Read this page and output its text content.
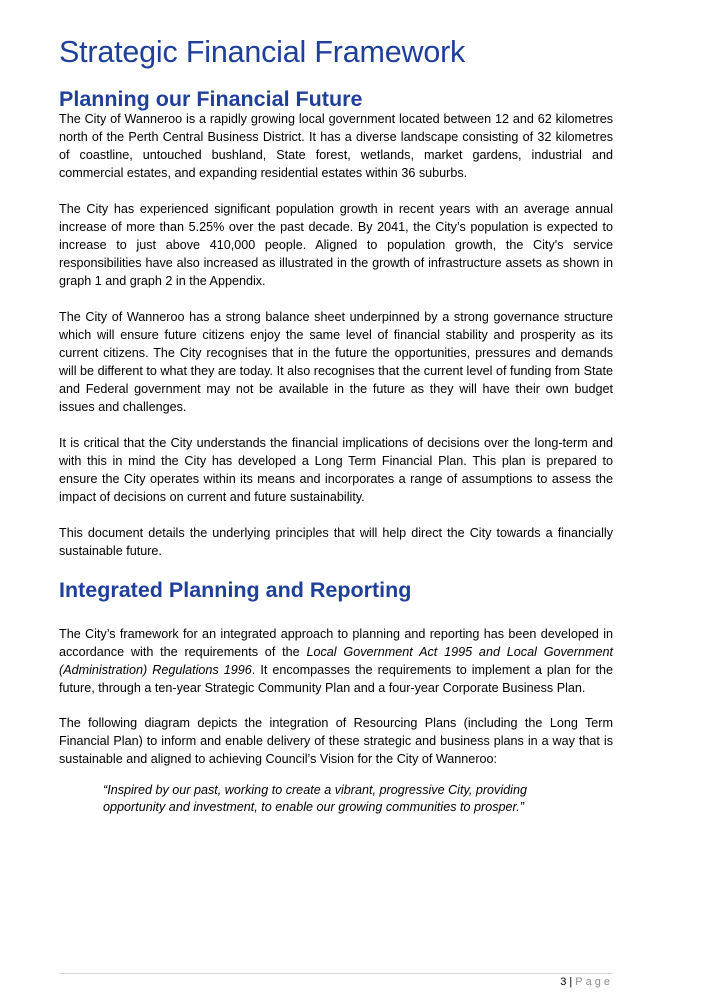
Strategic Financial Framework
Planning our Financial Future

The City of Wanneroo is a rapidly growing local government located between 12 and 62 kilometres north of the Perth Central Business District. It has a diverse landscape consisting of 32 kilometres of coastline, untouched bushland, State forest, wetlands, market gardens, industrial and commercial estates, and expanding residential estates within 36 suburbs.

The City has experienced significant population growth in recent years with an average annual increase of more than 5.25% over the past decade. By 2041, the City’s population is expected to increase to just above 410,000 people. Aligned to population growth, the City's service responsibilities have also increased as illustrated in the growth of infrastructure assets as shown in graph 1 and graph 2 in the Appendix.

The City of Wanneroo has a strong balance sheet underpinned by a strong governance structure which will ensure future citizens enjoy the same level of financial stability and prosperity as its current citizens. The City recognises that in the future the opportunities, pressures and demands will be different to what they are today. It also recognises that the current level of funding from State and Federal government may not be available in the future as they will have their own budget issues and challenges.

It is critical that the City understands the financial implications of decisions over the long-term and with this in mind the City has developed a Long Term Financial Plan. This plan is prepared to ensure the City operates within its means and incorporates a range of assumptions to assess the impact of decisions on current and future sustainability.

This document details the underlying principles that will help direct the City towards a financially sustainable future.

Integrated Planning and Reporting

The City’s framework for an integrated approach to planning and reporting has been developed in accordance with the requirements of the Local Government Act 1995 and Local Government (Administration) Regulations 1996. It encompasses the requirements to implement a plan for the future, through a ten-year Strategic Community Plan and a four-year Corporate Business Plan.

The following diagram depicts the integration of Resourcing Plans (including the Long Term Financial Plan) to inform and enable delivery of these strategic and business plans in a way that is sustainable and aligned to achieving Council’s Vision for the City of Wanneroo:

“Inspired by our past, working to create a vibrant, progressive City, providing opportunity and investment, to enable our growing communities to prosper.”

3 | Page
